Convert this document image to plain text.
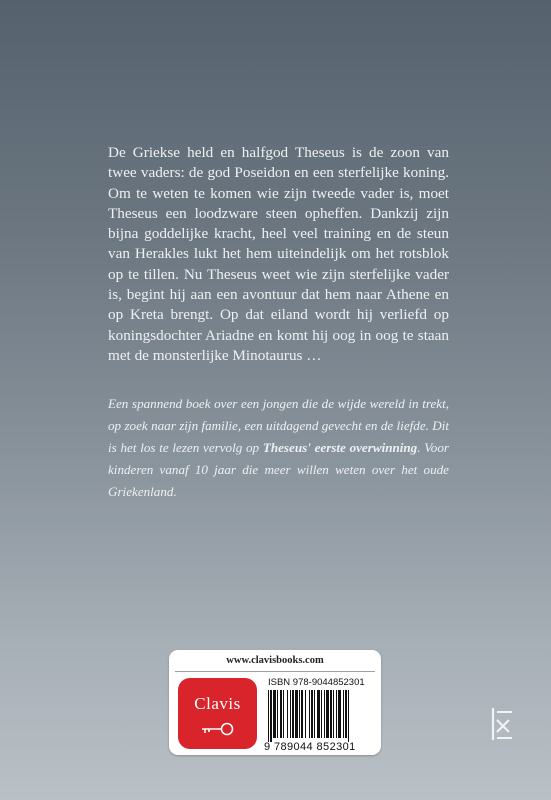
De Griekse held en halfgod Theseus is de zoon van twee vaders: de god Poseidon en een sterfelijke koning. Om te weten te komen wie zijn tweede vader is, moet Theseus een loodzware steen opheffen. Dankzij zijn bijna goddelijke kracht, heel veel training en de steun van Herakles lukt het hem uiteindelijk om het rotsblok op te tillen. Nu Theseus weet wie zijn sterfelijke vader is, begint hij aan een avontuur dat hem naar Athene en op Kreta brengt. Op dat eiland wordt hij verliefd op koningsdochter Ariadne en komt hij oog in oog te staan met de monsterlijke Minotaurus …

Een spannend boek over een jongen die de wijde wereld in trekt, op zoek naar zijn familie, een uitdagend gevecht en de liefde. Dit is het los te lezen vervolg op Theseus' eerste overwinning. Voor kinderen vanaf 10 jaar die meer willen weten over het oude Griekenland.

www.clavisbooks.com
Clavis
ISBN 978-9044852301
9 789044 852301
